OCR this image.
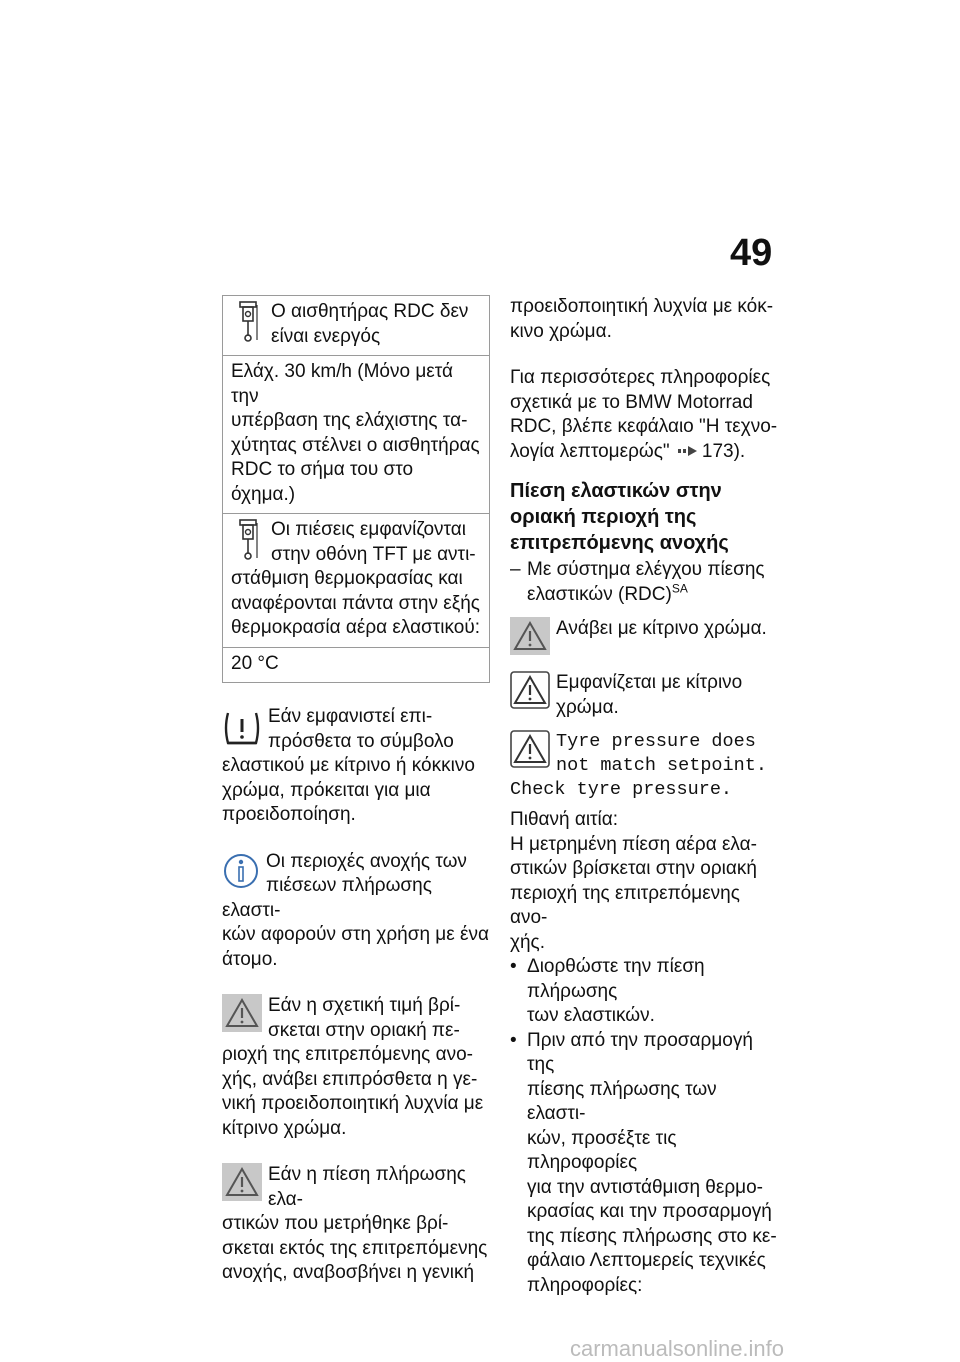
49

Ο αισθητήρας RDC δεν
είναι ενεργός

Ελάχ. 30 km/h (Μόνο μετά την
υπέρβαση της ελάχιστης τα-
χύτητας στέλνει ο αισθητήρας
RDC το σήμα του στο όχημα.)

Οι πιέσεις εμφανίζονται
στην οθόνη TFT με αντι-
στάθμιση θερμοκρασίας και
αναφέρονται πάντα στην εξής
θερμοκρασία αέρα ελαστικού:

20 °C

Εάν εμφανιστεί επι-
πρόσθετα το σύμβολο
ελαστικού με κίτρινο ή κόκκινο
χρώμα, πρόκειται για μια
προειδοποίηση.

Οι περιοχές ανοχής των
πιέσεων πλήρωσης ελαστι-
κών αφορούν στη χρήση με ένα
άτομο.

Εάν η σχετική τιμή βρί-
σκεται στην οριακή πε-
ριοχή της επιτρεπόμενης ανο-
χής, ανάβει επιπρόσθετα η γε-
νική προειδοποιητική λυχνία με
κίτρινο χρώμα.

Εάν η πίεση πλήρωσης ελα-
στικών που μετρήθηκε βρί-
σκεται εκτός της επιτρεπόμενης
ανοχής, αναβοσβήνει η γενική

προειδοποιητική λυχνία με κόκ-
κινο χρώμα.

Για περισσότερες πληροφορίες
σχετικά με το BMW Motorrad
RDC, βλέπε κεφάλαιο "Η τεχνο-
λογία λεπτομερώς" 173).

Πίεση ελαστικών στην
οριακή περιοχή της
επιτρεπόμενης ανοχής
– Με σύστημα ελέγχου πίεσης
ελαστικών (RDC)$^{SA}$

Ανάβει με κίτρινο χρώμα.

Εμφανίζεται με κίτρινο
χρώμα.

Tyre pressure does
not match setpoint.
Check tyre pressure.

Πιθανή αιτία:

Η μετρημένη πίεση αέρα ελα-
στικών βρίσκεται στην οριακή
περιοχή της επιτρεπόμενης ανο-
χής.

• Διορθώστε την πίεση πλήρωσης
των ελαστικών.
• Πριν από την προσαρμογή της
πίεσης πλήρωσης των ελαστι-
κών, προσέξτε τις πληροφορίες
για την αντιστάθμιση θερμο-
κρασίας και την προσαρμογή
της πίεσης πλήρωσης στο κε-
φάλαιο Λεπτομερείς τεχνικές
πληροφορίες:
carmanualsonline.info
